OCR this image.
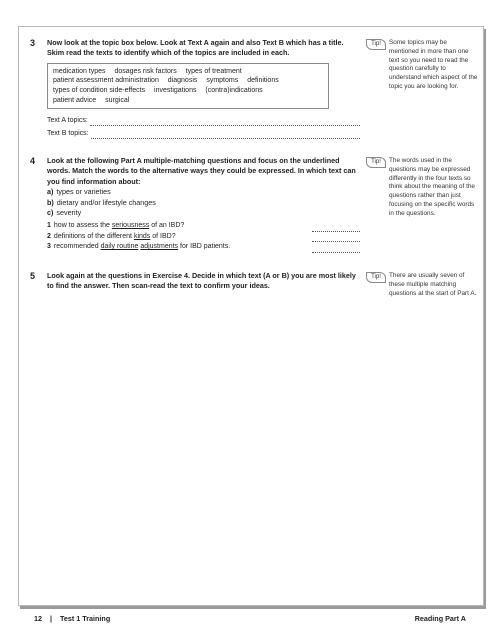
3 Now look at the topic box below. Look at Text A again and also Text B which has a title. Skim read the texts to identify which of the topics are included in each.
medication types dosages risk factors types of treatment
patient assessment administration diagnosis symptoms definitions
types of condition side-effects investigations (contra)indications
patient advice surgical
Text A topics:
Text B topics:
Tip!	Some topics may be mentioned in more than one text so you need to read the question carefully to understand which aspect of the topic you are looking for.
4 Look at the following Part A multiple-matching questions and focus on the underlined words. Match the words to the alternative ways they could be expressed. In which text can you find information about:
a) types or varieties
b) dietary and/or lifestyle changes
c) severity
1 how to assess the seriousness of an IBD?
2 definitions of the different kinds of IBD?
3 recommended daily routine adjustments for IBD patients.
Tip!	The words used in the questions may be expressed differently in the four texts so think about the meaning of the questions rather than just focusing on the specific words in the questions.
5 Look again at the questions in Exercise 4. Decide in which text (A or B) you are most likely to find the answer. Then scan-read the text to confirm your ideas.
Tip!	There are usually seven of these multiple matching questions at the start of Part A.
12 | Test 1 Training	Reading Part A
